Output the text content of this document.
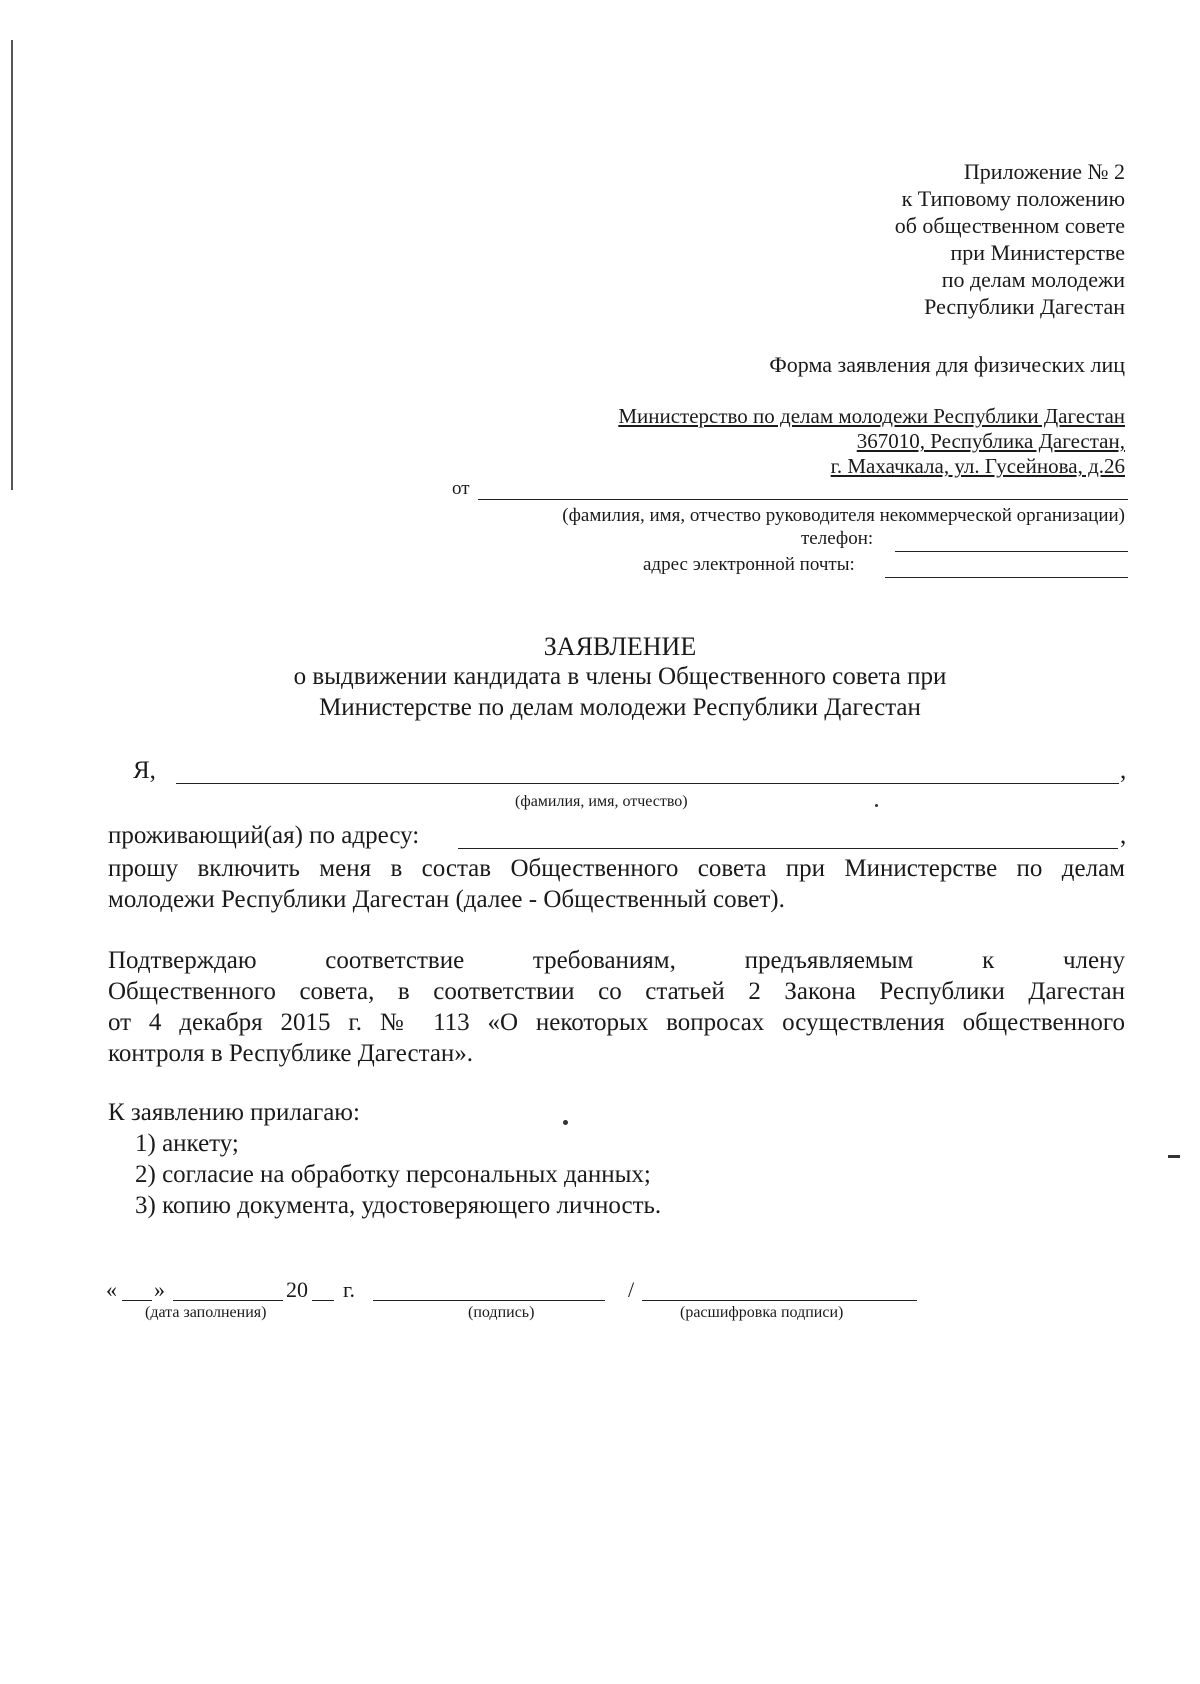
Приложение № 2
к Типовому положению
об общественном совете
при Министерстве
по делам молодежи
Республики Дагестан
Форма заявления для физических лиц
Министерство по делам молодежи Республики Дагестан
367010, Республика Дагестан,
г. Махачкала, ул. Гусейнова, д.26
от
(фамилия, имя, отчество руководителя некоммерческой организации)
телефон:
адрес электронной почты:
ЗАЯВЛЕНИЕ
о выдвижении кандидата в члены Общественного совета при
Министерстве по делам молодежи Республики Дагестан
Я,	,
(фамилия, имя, отчество)
проживающий(ая) по адресу:	,
прошу включить меня в состав Общественного совета при Министерстве по делам
молодежи Республики Дагестан (далее - Общественный совет).
Подтверждаю соответствие требованиям, предъявляемым к члену
Общественного совета, в соответствии со статьей 2 Закона Республики Дагестан
от 4 декабря 2015 г. № 113 «О некоторых вопросах осуществления общественного
контроля в Республике Дагестан».
К заявлению прилагаю:
1) анкету;
2) согласие на обработку персональных данных;
3) копию документа, удостоверяющего личность.
« »	20 г.	/
(дата заполнения)	(подпись)	(расшифровка подписи)
